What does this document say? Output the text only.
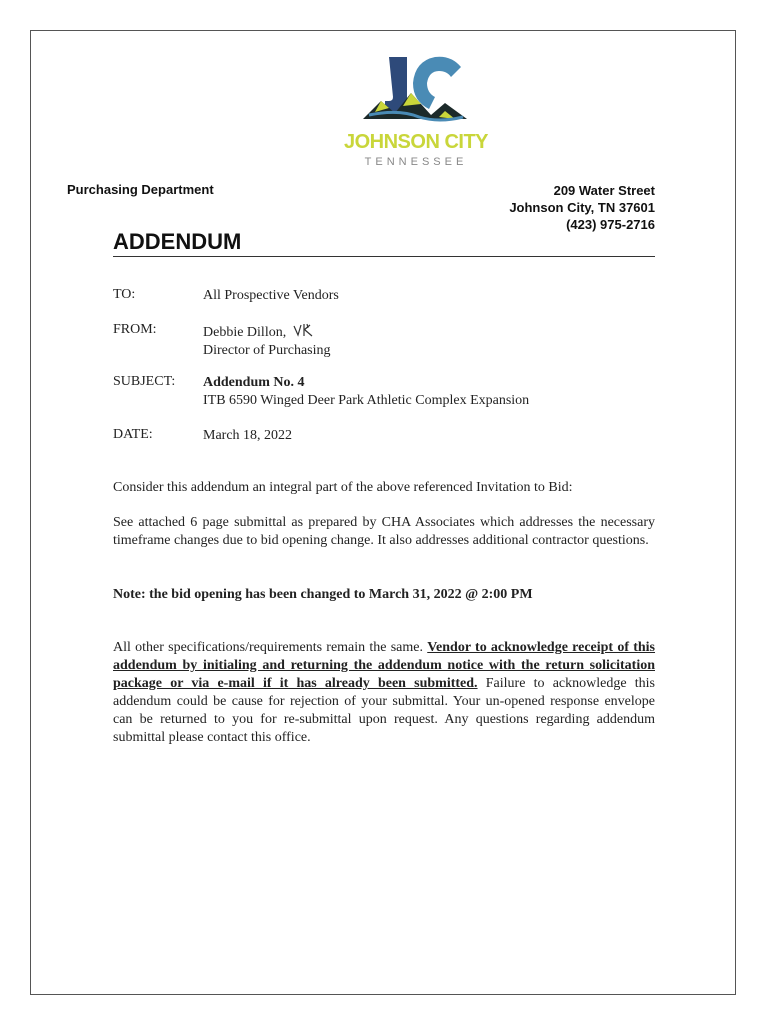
JOHNSON CITY
TENNESSEE
Purchasing Department	209 Water Street
Johnson City, TN 37601
(423) 975-2716
ADDENDUM
TO:	All Prospective Vendors
FROM:	Debbie Dillon,
Director of Purchasing
SUBJECT: Addendum No. 4
ITB 6590 Winged Deer Park Athletic Complex Expansion
DATE:	March 18, 2022
Consider this addendum an integral part of the above referenced Invitation to Bid:
See attached 6 page submittal as prepared by CHA Associates which addresses the necessary timeframe changes due to bid opening change. It also addresses additional contractor questions.
Note: the bid opening has been changed to March 31, 2022 @ 2:00 PM
All other specifications/requirements remain the same. Vendor to acknowledge receipt of this addendum by initialing and returning the addendum notice with the return solicitation package or via e-mail if it has already been submitted. Failure to acknowledge this addendum could be cause for rejection of your submittal. Your un-opened response envelope can be returned to you for re-submittal upon request. Any questions regarding addendum submittal please contact this office.
